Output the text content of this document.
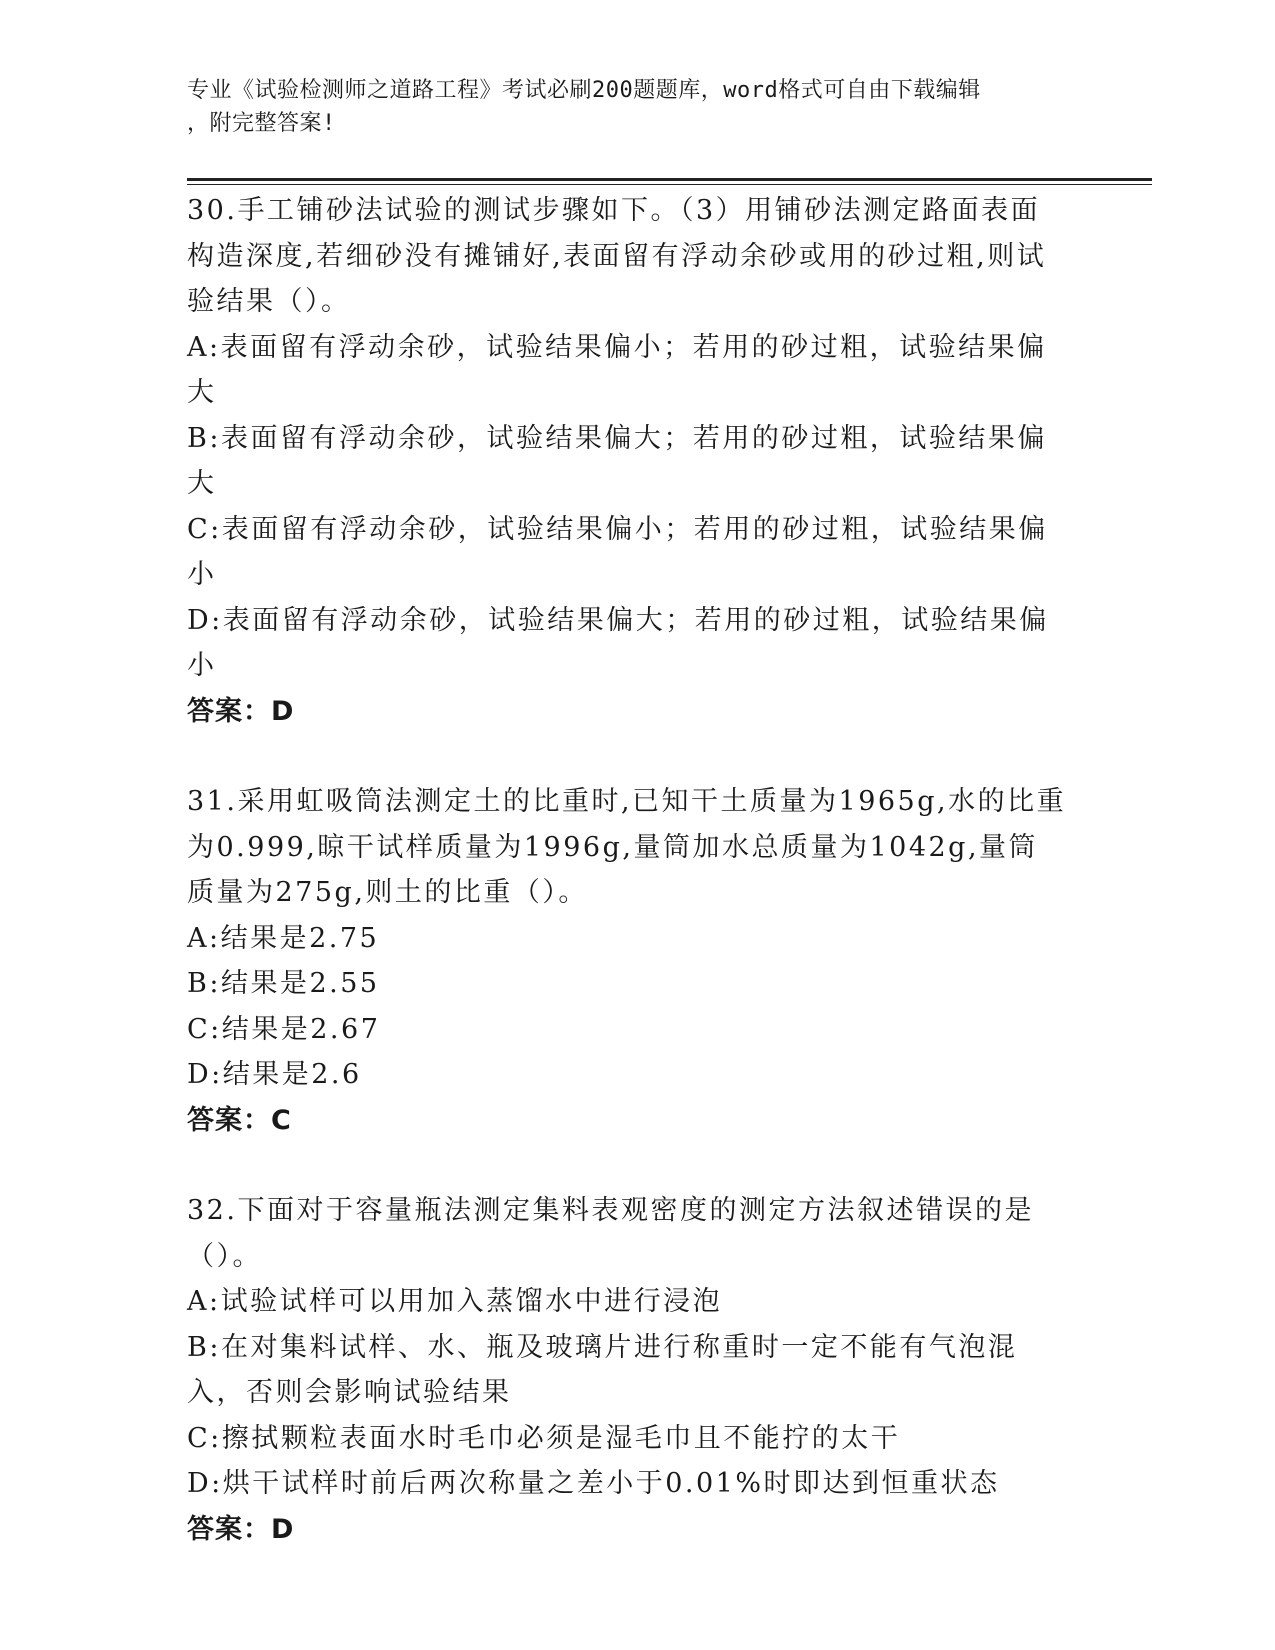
专业《试验检测师之道路工程》考试必刷200题题库，word格式可自由下载编辑
，附完整答案!
30.手工铺砂法试验的测试步骤如下。（3）用铺砂法测定路面表面构造深度,若细砂没有摊铺好,表面留有浮动余砂或用的砂过粗,则试验结果（）。
A:表面留有浮动余砂，试验结果偏小；若用的砂过粗，试验结果偏大
B:表面留有浮动余砂，试验结果偏大；若用的砂过粗，试验结果偏大
C:表面留有浮动余砂，试验结果偏小；若用的砂过粗，试验结果偏小
D:表面留有浮动余砂，试验结果偏大；若用的砂过粗，试验结果偏小
答案：D
31.采用虹吸筒法测定土的比重时,已知干土质量为1965g,水的比重为0.999,晾干试样质量为1996g,量筒加水总质量为1042g,量筒质量为275g,则土的比重（）。
A:结果是2.75
B:结果是2.55
C:结果是2.67
D:结果是2.6
答案：C
32.下面对于容量瓶法测定集料表观密度的测定方法叙述错误的是（）。
A:试验试样可以用加入蒸馏水中进行浸泡
B:在对集料试样、水、瓶及玻璃片进行称重时一定不能有气泡混入，否则会影响试验结果
C:擦拭颗粒表面水时毛巾必须是湿毛巾且不能拧的太干
D:烘干试样时前后两次称量之差小于0.01%时即达到恒重状态
答案：D
